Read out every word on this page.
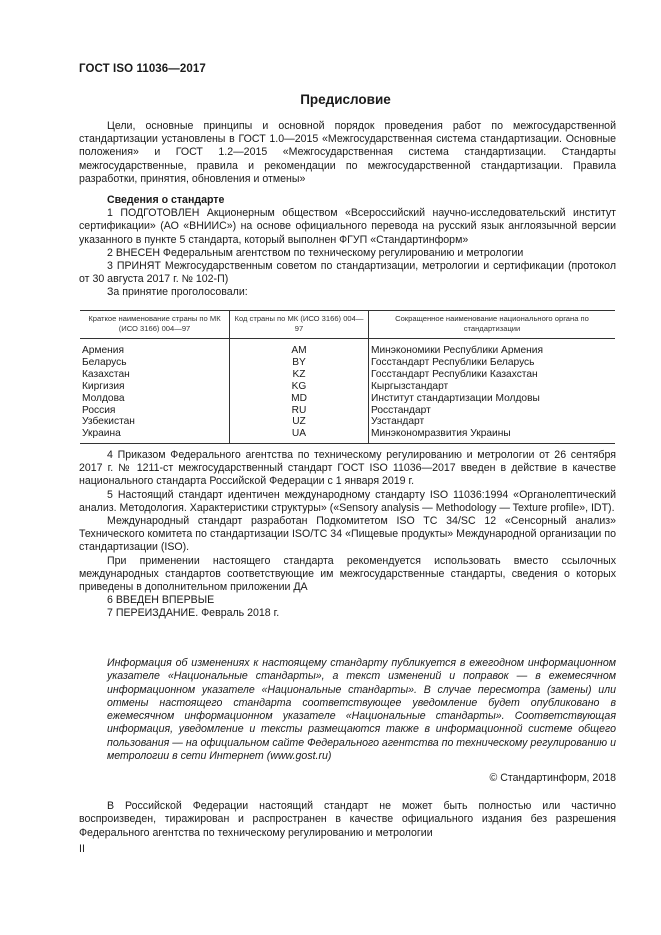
ГОСТ ISO 11036—2017
Предисловие

Цели, основные принципы и основной порядок проведения работ по межгосударственной стандартизации установлены в ГОСТ 1.0—2015 «Межгосударственная система стандартизации. Основные положения» и ГОСТ 1.2—2015 «Межгосударственная система стандартизации. Стандарты межгосударственные, правила и рекомендации по межгосударственной стандартизации. Правила разработки, принятия, обновления и отмены»

Сведения о стандарте

1 ПОДГОТОВЛЕН Акционерным обществом «Всероссийский научно-исследовательский институт сертификации» (АО «ВНИИС») на основе официального перевода на русский язык англоязычной версии указанного в пункте 5 стандарта, который выполнен ФГУП «Стандартинформ»

2 ВНЕСЕН Федеральным агентством по техническому регулированию и метрологии

3 ПРИНЯТ Межгосударственным советом по стандартизации, метрологии и сертификации (протокол от 30 августа 2017 г. № 102-П)

За принятие проголосовали:

Краткое наименование страны по МК (ИСО 3166) 004—97	Код страны по МК (ИСО 3166) 004— 97	Сокращенное наименование национального органа по стандартизации
Армения	AM	Минэкономики Республики Армения
Беларусь	BY	Госстандарт Республики Беларусь
Казахстан	KZ	Госстандарт Республики Казахстан
Киргизия	KG	Кыргызстандарт
Молдова	MD	Институт стандартизации Молдовы
Россия	RU	Росстандарт
Узбекистан	UZ	Узстандарт
Украина	UA	Минэкономразвития Украины

4 Приказом Федерального агентства по техническому регулированию и метрологии от 26 сентября 2017 г. № 1211-ст межгосударственный стандарт ГОСТ ISO 11036—2017 введен в действие в качестве национального стандарта Российской Федерации с 1 января 2019 г.

5 Настоящий стандарт идентичен международному стандарту ISO 11036:1994 «Органолептический анализ. Методология. Характеристики структуры» («Sensory analysis — Methodology — Texture profile», IDT).

Международный стандарт разработан Подкомитетом ISO TC 34/SC 12 «Сенсорный анализ» Технического комитета по стандартизации ISO/TC 34 «Пищевые продукты» Международной организации по стандартизации (ISO).

При применении настоящего стандарта рекомендуется использовать вместо ссылочных международных стандартов соответствующие им межгосударственные стандарты, сведения о которых приведены в дополнительном приложении ДА

6 ВВЕДЕН ВПЕРВЫЕ

7 ПЕРЕИЗДАНИЕ. Февраль 2018 г.

Информация об изменениях к настоящему стандарту публикуется в ежегодном информационном указателе «Национальные стандарты», а текст изменений и поправок — в ежемесячном информационном указателе «Национальные стандарты». В случае пересмотра (замены) или отмены настоящего стандарта соответствующее уведомление будет опубликовано в ежемесячном информационном указателе «Национальные стандарты». Соответствующая информация, уведомление и тексты размещаются также в информационной системе общего пользования — на официальном сайте Федерального агентства по техническому регулированию и метрологии в сети Интернет (www.gost.ru)
© Стандартинформ, 2018

В Российской Федерации настоящий стандарт не может быть полностью или частично воспроизведен, тиражирован и распространен в качестве официального издания без разрешения Федерального агентства по техническому регулированию и метрологии

II
